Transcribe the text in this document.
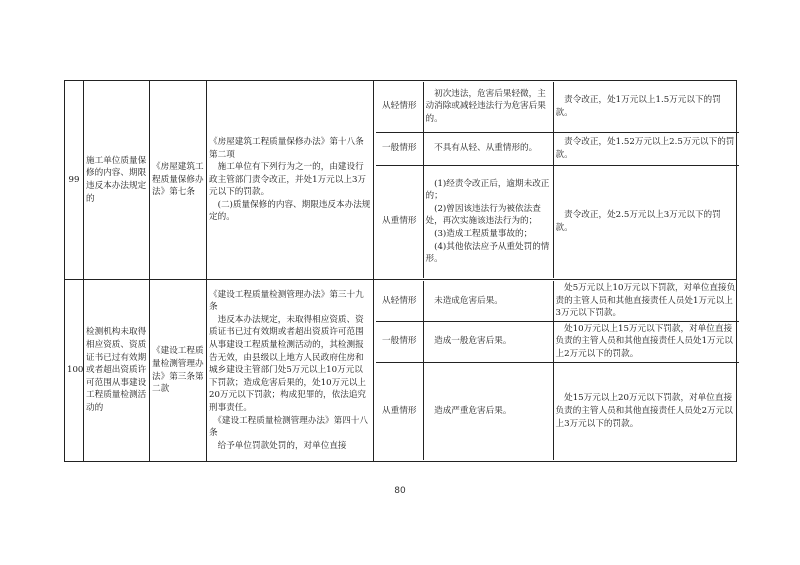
99	施工单位质量保修的内容、期限违反本办法规定的	《房屋建筑工程质量保修办法》第七条	《房屋建筑工程质量保修办法》第十八条第二项
　施工单位有下列行为之一的，由建设行政主管部门责令改正，并处1万元以上3万元以下的罚款。
　(二)质量保修的内容、期限违反本办法规定的。	
从轻情形	　初次违法，危害后果轻微，主动消除或减轻违法行为危害后果的。	　责令改正，处1万元以上1.5万元以下的罚款。
一般情形	　不具有从轻、从重情形的。	　责令改正，处1.52万元以上2.5万元以下的罚款。
从重情形	　(1)经责令改正后，逾期未改正的；
　(2)曾因该违法行为被依法查处，再次实施该违法行为的；
　(3)造成工程质量事故的；
　(4)其他依法应予从重处罚的情形。	　责令改正，处2.5万元以上3万元以下的罚款。

100	检测机构未取得相应资质、资质证书已过有效期或者超出资质许可范围从事建设工程质量检测活动的	《建设工程质量检测管理办法》第三条第二款	《建设工程质量检测管理办法》第三十九条
　违反本办法规定，未取得相应资质、资质证书已过有效期或者超出资质许可范围从事建设工程质量检测活动的，其检测报告无效，由县级以上地方人民政府住房和城乡建设主管部门处5万元以上10万元以下罚款；造成危害后果的，处10万元以上20万元以下罚款；构成犯罪的，依法追究刑事责任。
　《建设工程质量检测管理办法》第四十八条
　给予单位罚款处罚的，对单位直接	
从轻情形	　未造成危害后果。	　处5万元以上10万元以下罚款，对单位直接负责的主管人员和其他直接责任人员处1万元以上3万元以下罚款。
一般情形	　造成一般危害后果。	　处10万元以上15万元以下罚款，对单位直接负责的主管人员和其他直接责任人员处1万元以上2万元以下的罚款。
从重情形	　造成严重危害后果。	　处15万元以上20万元以下罚款，对单位直接负责的主管人员和其他直接责任人员处2万元以上3万元以下的罚款。
80
